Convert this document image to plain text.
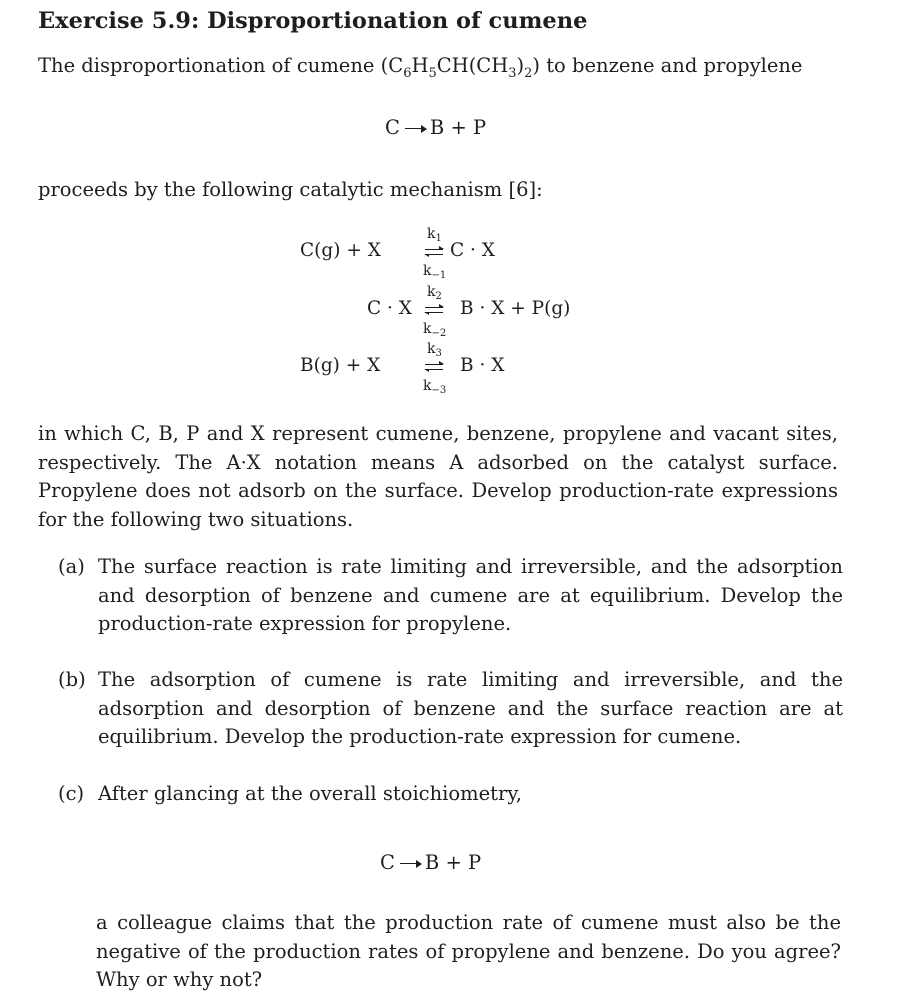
Exercise 5.9: Disproportionation of cumene
The disproportionation of cumene $(C_6H_5CH(CH_3)_2)$ to benzene and propylene
C → B + P
proceeds by the following catalytic mechanism [6]:
C(g) + X
$k_1$
$k_{-1}$
C · X
C · X
$k_2$
$k_{-2}$
B · X + P(g)
B(g) + X
$k_3$
$k_{-3}$
B · X
in which C, B, P and X represent cumene, benzene, propylene and vacant sites, respectively. The A·X notation means A adsorbed on the catalyst surface. Propylene does not adsorb on the surface. Develop production-rate expressions for the following two situations.
(a) The surface reaction is rate limiting and irreversible, and the adsorption and desorption of benzene and cumene are at equilibrium. Develop the production-rate expression for propylene.
(b) The adsorption of cumene is rate limiting and irreversible, and the adsorption and desorption of benzene and the surface reaction are at equilibrium. Develop the production-rate expression for cumene.
(c) After glancing at the overall stoichiometry,
C → B + P
a colleague claims that the production rate of cumene must also be the negative of the production rates of propylene and benzene. Do you agree? Why or why not?
